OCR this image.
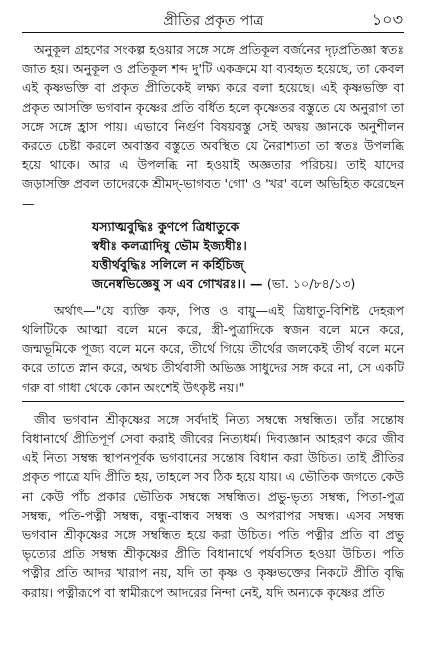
প্রীতির প্রকৃত পাত্র	১০৩

অনুকূল গ্রহণের সংকল্প হওয়ার সঙ্গে সঙ্গে প্রতিকূল বর্জনের দৃঢ়প্রতিজ্ঞা স্বতঃ জাত হয়। অনুকূল ও প্রতিকূল শব্দ দু'টি একক্রমে যা ব্যবহৃত হয়েছে, তা কেবল এই কৃষ্ণভক্তি বা প্রকৃত প্রীতিকেই লক্ষ্য করে বলা হয়েছে। এই কৃষ্ণভক্তি বা প্রকৃত আসক্তি ভগবান কৃষ্ণের প্রতি বর্ধিত হলে কৃষ্ণেতর বস্তুতে যে অনুরাগ তা সঙ্গে সঙ্গে হ্রাস পায়। এভাবে নির্গুণ বিষয়বস্তু সেই অদ্বয় জ্ঞানকে অনুশীলন করতে চেষ্টা করলে অবাস্তব বস্তুতে অবস্থিত যে নৈরাশ্যতা তা স্বতঃ উপলব্ধি হয়ে থাকে। আর এ উপলব্ধি না হওয়াই অজ্ঞতার পরিচয়। তাই যাদের জড়াসক্তি প্রবল তাদেরকে শ্রীমদ্-ভাগবত 'গো' ও 'খর' বলে অভিহিত করেছেন—

যস্যাত্মবুদ্ধিঃ কুণপে ত্রিধাতুকে
স্বধীঃ কলত্রাদিষু ভৌম ইজ্যধীঃ।
যত্তীর্থবুদ্ধিঃ সলিলে ন কর্হিচিজ্
জনেষ্বভিজ্ঞেষু স এব গোখরঃ।। — (ভা. ১০/৮৪/১৩)

অর্থাৎ—"যে ব্যক্তি কফ, পিত্ত ও বায়ু—এই ত্রিধাতু-বিশিষ্ট দেহরূপ থলিটিকে আত্মা বলে মনে করে, স্ত্রী-পুত্রাদিকে স্বজন বলে মনে করে, জন্মভূমিকে পূজ্য বলে মনে করে, তীর্থে গিয়ে তীর্থের জলকেই তীর্থ বলে মনে করে তাতে স্নান করে, অথচ তীর্থবাসী অভিজ্ঞ সাধুদের সঙ্গ করে না, সে একটি গরু বা গাধা থেকে কোন অংশেই উৎকৃষ্ট নয়।"

জীব ভগবান শ্রীকৃষ্ণের সঙ্গে সর্বদাই নিত্য সম্বন্ধে সম্বন্ধিত। তাঁর সন্তোষ বিধানার্থে প্রীতিপূর্ণ সেবা করাই জীবের নিত্যধর্ম। দিব্যজ্ঞান আহরণ করে জীব এই নিত্য সম্বন্ধ স্থাপনপূর্বক ভগবানের সন্তোষ বিধান করা উচিত। তাই প্রীতির প্রকৃত পাত্রে যদি প্রীতি হয়, তাহলে সব ঠিক হয়ে যায়। এ ভৌতিক জগতে কেউ না কেউ পাঁচ প্রকার ভৌতিক সম্বন্ধে সম্বন্ধিত। প্রভু-ভৃত্য সম্বন্ধ, পিতা-পুত্র সম্বন্ধ, পতি-পত্নী সম্বন্ধ, বন্ধু-বান্ধব সম্বন্ধ ও অপরাপর সম্বন্ধ। এসব সম্বন্ধ ভগবান শ্রীকৃষ্ণের সঙ্গে সম্বন্ধিত হয়ে করা উচিত। পতি পত্নীর প্রতি বা প্রভু ভৃত্যের প্রতি সম্বন্ধ শ্রীকৃষ্ণের প্রীতি বিধানার্থে পর্যবসিত হওয়া উচিত। পতি পত্নীর প্রতি আদর খারাপ নয়, যদি তা কৃষ্ণ ও কৃষ্ণভক্তের নিকটে প্রীতি বৃদ্ধি করায়। পত্নীরূপে বা স্বামীরূপে আদরের নিন্দা নেই, যদি অন্যকে কৃষ্ণের প্রতি
